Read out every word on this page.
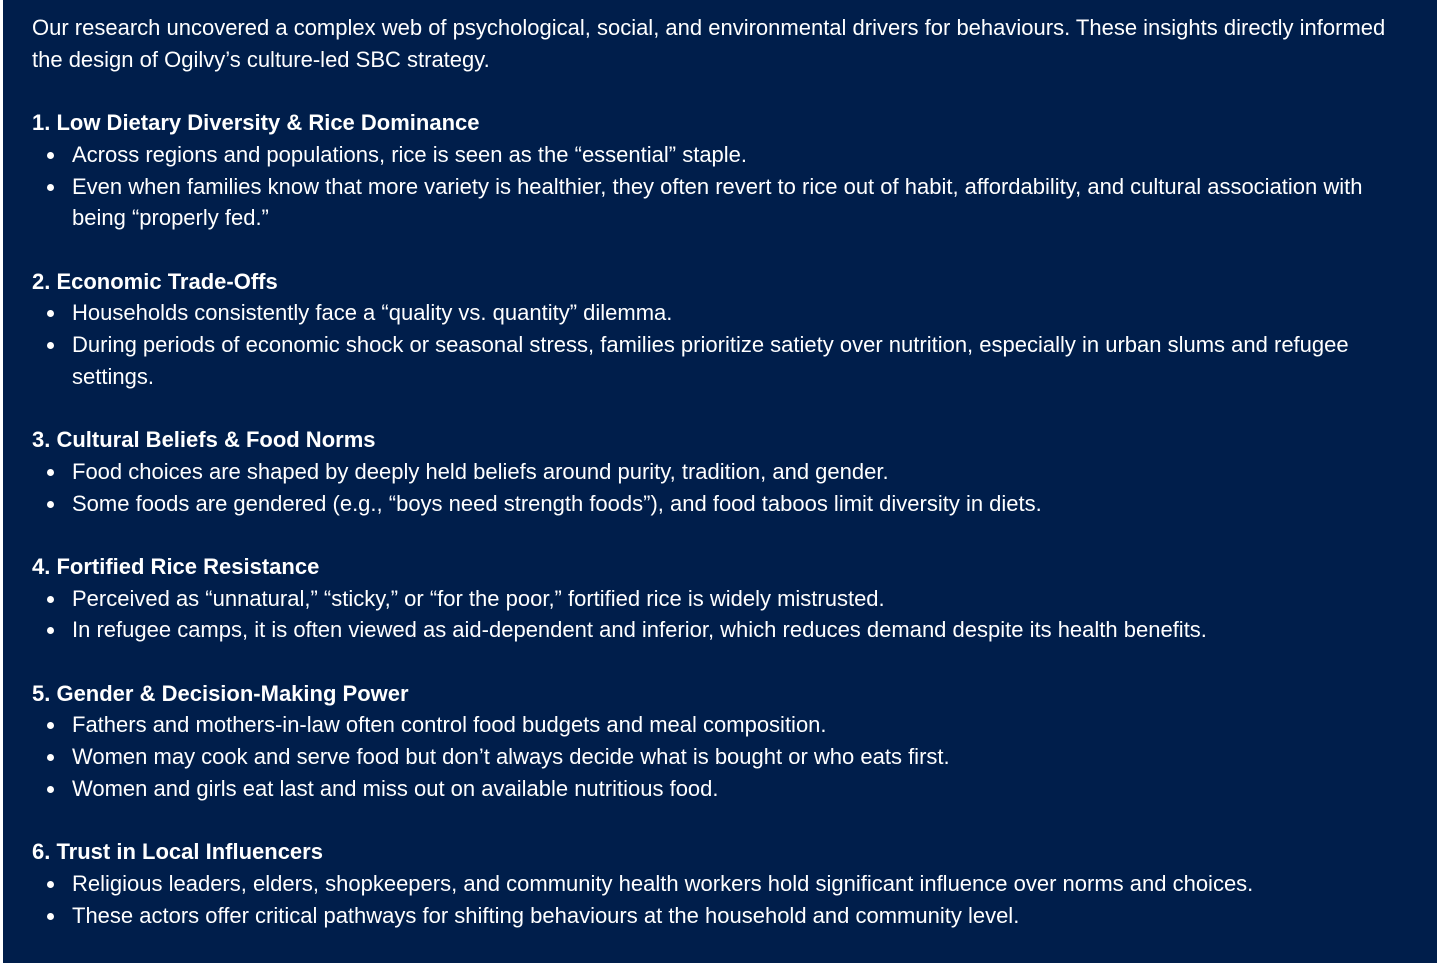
Our research uncovered a complex web of psychological, social, and environmental drivers for behaviours. These insights directly informed the design of Ogilvy’s culture-led SBC strategy.

1. Low Dietary Diversity & Rice Dominance

Across regions and populations, rice is seen as the “essential” staple.
Even when families know that more variety is healthier, they often revert to rice out of habit, affordability, and cultural association with being “properly fed.”

2. Economic Trade-Offs

Households consistently face a “quality vs. quantity” dilemma.
During periods of economic shock or seasonal stress, families prioritize satiety over nutrition, especially in urban slums and refugee settings.

3. Cultural Beliefs & Food Norms

Food choices are shaped by deeply held beliefs around purity, tradition, and gender.
Some foods are gendered (e.g., “boys need strength foods”), and food taboos limit diversity in diets.

4. Fortified Rice Resistance

Perceived as “unnatural,” “sticky,” or “for the poor,” fortified rice is widely mistrusted.
In refugee camps, it is often viewed as aid-dependent and inferior, which reduces demand despite its health benefits.

5. Gender & Decision-Making Power

Fathers and mothers-in-law often control food budgets and meal composition.
Women may cook and serve food but don’t always decide what is bought or who eats first.
Women and girls eat last and miss out on available nutritious food.

6. Trust in Local Influencers

Religious leaders, elders, shopkeepers, and community health workers hold significant influence over norms and choices.
These actors offer critical pathways for shifting behaviours at the household and community level.
